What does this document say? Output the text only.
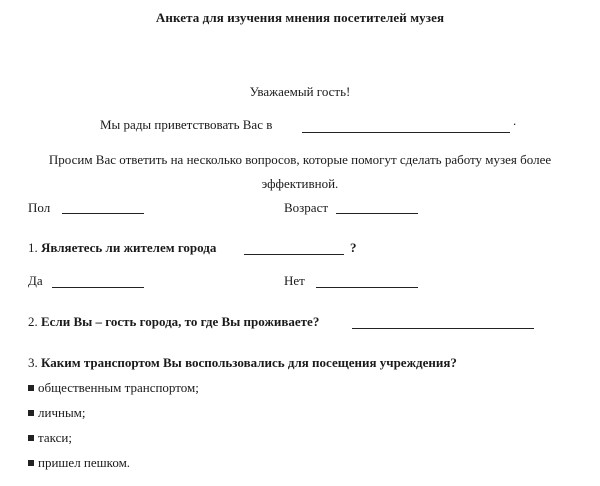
Анкета для изучения мнения посетителей музея
Уважаемый гость!
Мы рады приветствовать Вас в	.
Просим Вас ответить на несколько вопросов, которые помогут сделать работу музея более эффективной.
Пол	Возраст
1. Являетесь ли жителем города	?
Да	Нет
2. Если Вы – гость города, то где Вы проживаете?
3. Каким транспортом Вы воспользовались для посещения учреждения?
общественным транспортом;
личным;
такси;
пришел пешком.
